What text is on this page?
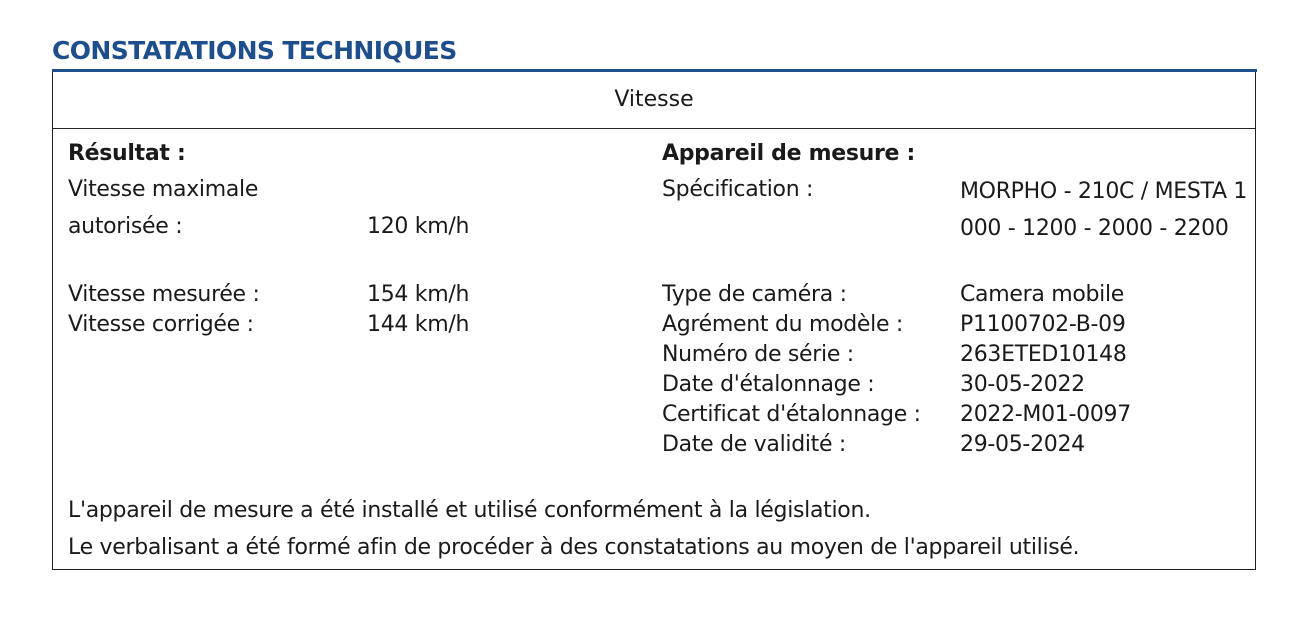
CONSTATATIONS TECHNIQUES
Vitesse
Résultat :
Vitesse maximale
autorisée :	120 km/h
Vitesse mesurée :	154 km/h
Vitesse corrigée :	144 km/h
Appareil de mesure :
Spécification :	MORPHO - 210C / MESTA 1000 - 1200 - 2000 - 2200
Type de caméra :	Camera mobile
Agrément du modèle :	P1100702-B-09
Numéro de série :	263ETED10148
Date d'étalonnage :	30-05-2022
Certificat d'étalonnage : 2022-M01-0097
Date de validité :	29-05-2024
L'appareil de mesure a été installé et utilisé conformément à la législation.
Le verbalisant a été formé afin de procéder à des constatations au moyen de l'appareil utilisé.
